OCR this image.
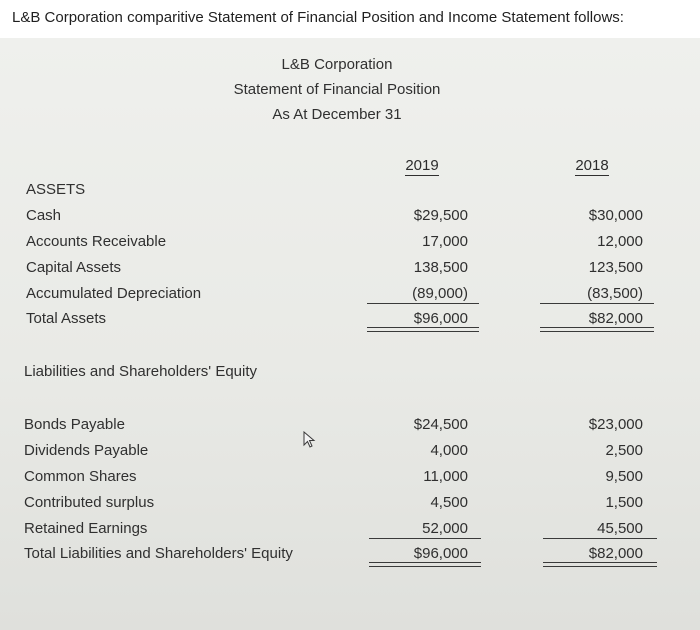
L&B Corporation comparitive Statement of Financial Position and Income Statement follows:
L&B Corporation
Statement of Financial Position
As At December 31
2019	2018
ASSETS
Cash	$29,500	$30,000
Accounts Receivable	17,000	12,000
Capital Assets	138,500	123,500
Accumulated Depreciation	(89,000)	(83,500)
Total Assets	$96,000	$82,000
Liabilities and Shareholders' Equity
Bonds Payable	$24,500	$23,000
Dividends Payable	4,000	2,500
Common Shares	11,000	9,500
Contributed surplus	4,500	1,500
Retained Earnings	52,000	45,500
Total Liabilities and Shareholders' Equity	$96,000	$82,000
